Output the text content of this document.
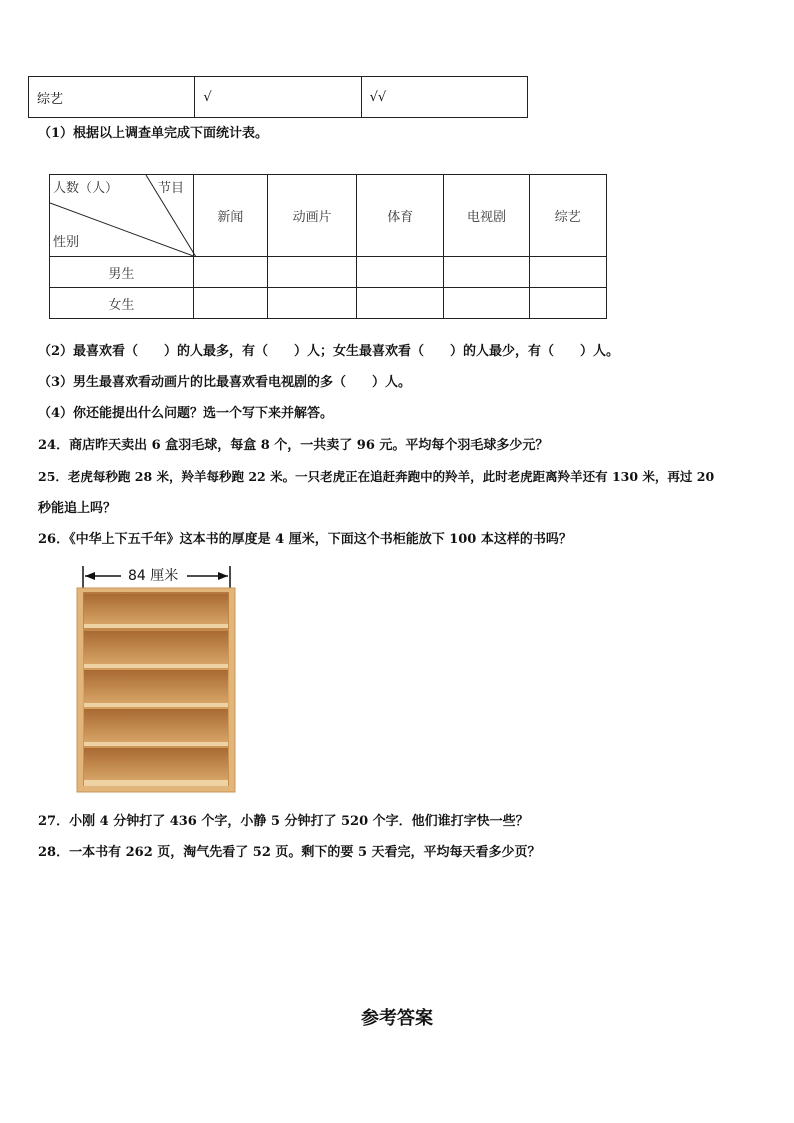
综艺	√	√√
（1）根据以上调查单完成下面统计表。
人数（人） 节目
性别	新闻	动画片	体育	电视剧	综艺
男生					
女生					
（2）最喜欢看（　　）的人最多，有（　　）人；女生最喜欢看（　　）的人最少，有（　　）人。
（3）男生最喜欢看动画片的比最喜欢看电视剧的多（　　）人。
（4）你还能提出什么问题？选一个写下来并解答。
24．商店昨天卖出 6 盒羽毛球，每盒 8 个，一共卖了 96 元。平均每个羽毛球多少元？
25．老虎每秒跑 28 米，羚羊每秒跑 22 米。一只老虎正在追赶奔跑中的羚羊，此时老虎距离羚羊还有 130 米，再过 20
秒能追上吗？
26．《中华上下五千年》这本书的厚度是 4 厘米，下面这个书柜能放下 100 本这样的书吗？
84 厘米
27．小刚 4 分钟打了 436 个字，小静 5 分钟打了 520 个字．他们谁打字快一些？
28．一本书有 262 页，淘气先看了 52 页。剩下的要 5 天看完，平均每天看多少页？
参考答案
